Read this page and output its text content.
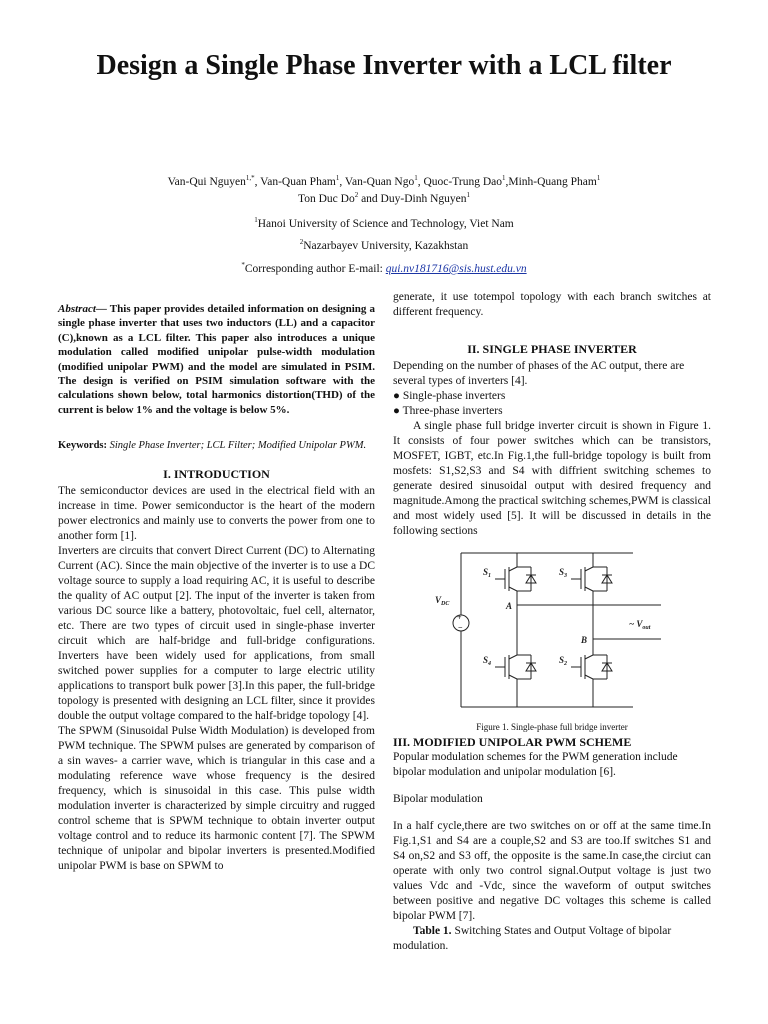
Design a Single Phase Inverter with a LCL filter
Van-Qui Nguyen$^{1,*}$, Van-Quan Pham$^1$, Van-Quan Ngo$^1$, Quoc-Trung Dao$^1$,Minh-Quang Pham$^1$
Ton Duc Do$^2$ and Duy-Dinh Nguyen$^1$
$^1$Hanoi University of Science and Technology, Viet Nam
$^2$Nazarbayev University, Kazakhstan
*Corresponding author E-mail: qui.nv181716@sis.hust.edu.vn

Abstract— This paper provides detailed information on designing a single phase inverter that uses two inductors (LL) and a capacitor (C),known as a LCL filter. This paper also introduces a unique modulation called modified unipolar pulse-width modulation (modified unipolar PWM) and the model are simulated in PSIM. The design is verified on PSIM simulation software with the calculations shown below, total harmonics distortion(THD) of the current is below 1% and the voltage is below 5%.

Keywords: Single Phase Inverter; LCL Filter; Modified Unipolar PWM.

I. INTRODUCTION

The semiconductor devices are used in the electrical field with an increase in time. Power semiconductor is the heart of the modern power electronics and mainly use to converts the power from one to another form [1].

Inverters are circuits that convert Direct Current (DC) to Alternating Current (AC). Since the main objective of the inverter is to use a DC voltage source to supply a load requiring AC, it is useful to describe the quality of AC output [2]. The input of the inverter is taken from various DC source like a battery, photovoltaic, fuel cell, alternator, etc. There are two types of circuit used in single-phase inverter circuit which are half-bridge and full-bridge configurations. Inverters have been widely used for applications, from small switched power supplies for a computer to large electric utility applications to transport bulk power [3].In this paper, the full-bridge topology is presented with designing an LCL filter, since it provides double the output voltage compared to the half-bridge topology [4].

The SPWM (Sinusoidal Pulse Width Modulation) is developed from PWM technique. The SPWM pulses are generated by comparison of a sin waves- a carrier wave, which is triangular in this case and a modulating reference wave whose frequency is the desired frequency, which is sinusoidal in this case. This pulse width modulation inverter is characterized by simple circuitry and rugged control scheme that is SPWM technique to obtain inverter output voltage control and to reduce its harmonic content [7]. The SPWM technique of unipolar and bipolar inverters is presented.Modified unipolar PWM is base on SPWM to

generate, it use totempol topology with each branch switches at different frequency.

II. SINGLE PHASE INVERTER

Depending on the number of phases of the AC output, there are several types of inverters [4].

● Single-phase inverters

● Three-phase inverters

A single phase full bridge inverter circuit is shown in Figure 1. It consists of four power switches which can be transistors, MOSFET, IGBT, etc.In Fig.1,the full-bridge topology is built from mosfets: S1,S2,S3 and S4 with diffrient switching schemes to generate desired sinusoidal output with desired frequency and magnitude.Among the practical switching schemes,PWM is classical and most widely used [5]. It will be discussed in details in the following sections

+
−
$V_{DC}$	A
B
~ $V_{out}$
$S_1$	$S_3$
$S_4$	$S_2$
Figure 1. Single-phase full bridge inverter
III. MODIFIED UNIPOLAR PWM SCHEME

Popular modulation schemes for the PWM generation include bipolar modulation and unipolar modulation [6].

Bipolar modulation

In a half cycle,there are two switches on or off at the same time.In Fig.1,S1 and S4 are a couple,S2 and S3 are too.If switches S1 and S4 on,S2 and S3 off, the opposite is the same.In case,the circiut can operate with only two control signal.Output voltage is just two values Vdc and -Vdc, since the waveform of output switches between positive and negative DC voltages this scheme is called bipolar PWM [7].

Table 1. Switching States and Output Voltage of bipolar modulation.
